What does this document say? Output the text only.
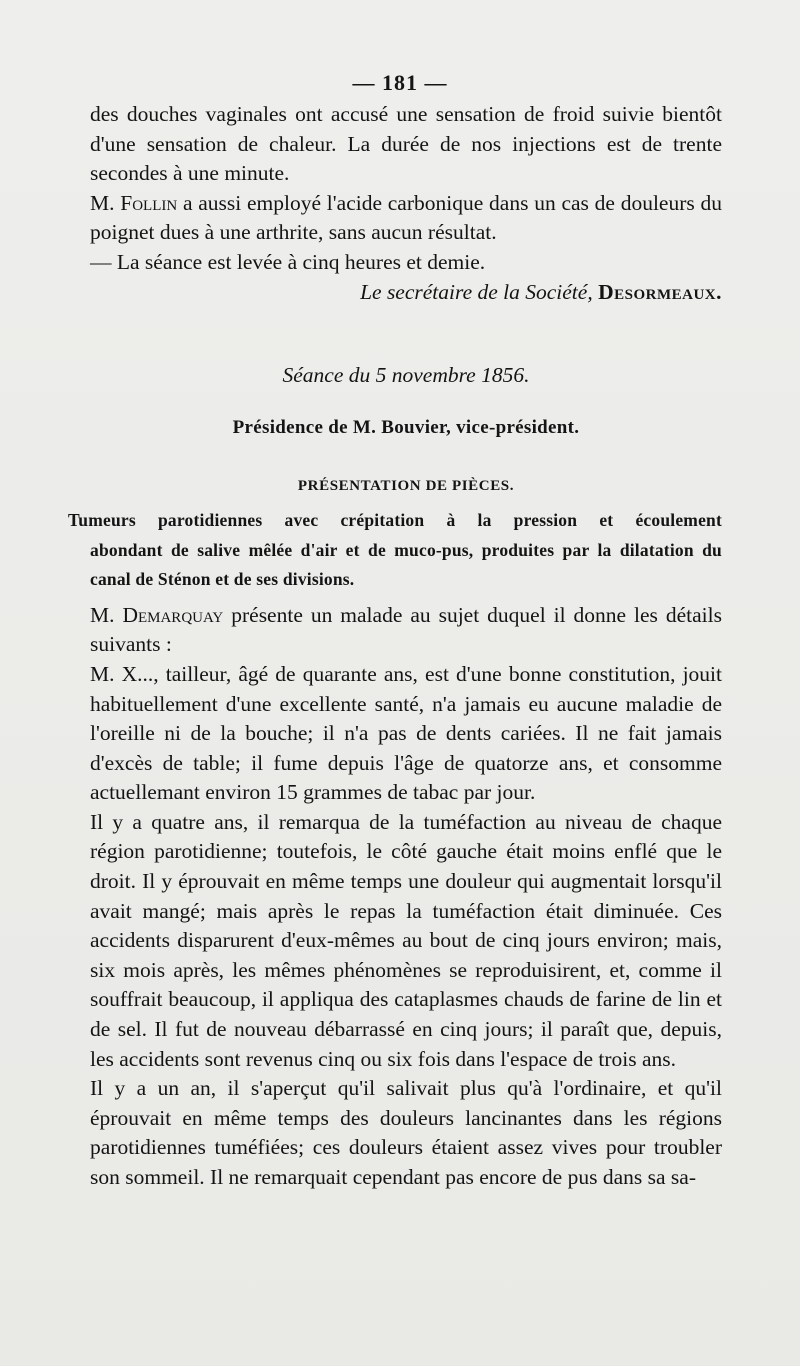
— 181 —

des douches vaginales ont accusé une sensation de froid suivie bientôt d'une sensation de chaleur. La durée de nos injections est de trente secondes à une minute.

M. Follin a aussi employé l'acide carbonique dans un cas de douleurs du poignet dues à une arthrite, sans aucun résultat.

— La séance est levée à cinq heures et demie.

Le secrétaire de la Société, Desormeaux.

Séance du 5 novembre 1856.
Présidence de M. Bouvier, vice-président.
PRÉSENTATION DE PIÈCES.
Tumeurs parotidiennes avec crépitation à la pression et écoulement
abondant de salive mêlée d'air et de muco-pus, produites par la dilatation du canal de Sténon et de ses divisions.

M. Demarquay présente un malade au sujet duquel il donne les détails suivants :

M. X..., tailleur, âgé de quarante ans, est d'une bonne constitution, jouit habituellement d'une excellente santé, n'a jamais eu aucune maladie de l'oreille ni de la bouche; il n'a pas de dents cariées. Il ne fait jamais d'excès de table; il fume depuis l'âge de quatorze ans, et consomme actuellemant environ 15 grammes de tabac par jour.

Il y a quatre ans, il remarqua de la tuméfaction au niveau de chaque région parotidienne; toutefois, le côté gauche était moins enflé que le droit. Il y éprouvait en même temps une douleur qui augmentait lorsqu'il avait mangé; mais après le repas la tuméfaction était diminuée. Ces accidents disparurent d'eux-mêmes au bout de cinq jours environ; mais, six mois après, les mêmes phénomènes se reproduisirent, et, comme il souffrait beaucoup, il appliqua des cataplasmes chauds de farine de lin et de sel. Il fut de nouveau débarrassé en cinq jours; il paraît que, depuis, les accidents sont revenus cinq ou six fois dans l'espace de trois ans.

Il y a un an, il s'aperçut qu'il salivait plus qu'à l'ordinaire, et qu'il éprouvait en même temps des douleurs lancinantes dans les régions parotidiennes tuméfiées; ces douleurs étaient assez vives pour troubler son sommeil. Il ne remarquait cependant pas encore de pus dans sa sa-
